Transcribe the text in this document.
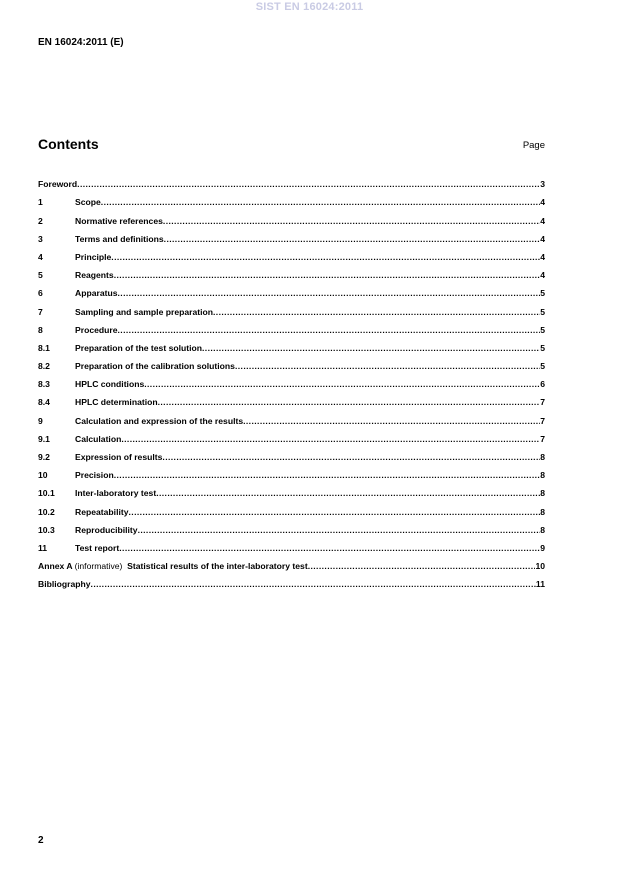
SIST EN 16024:2011
EN 16024:2011 (E)
Contents	Page
Foreword .....	3
1	Scope .....	4
2	Normative references .....	4
3	Terms and definitions .....	4
4	Principle .....	4
5	Reagents .....	4
6	Apparatus .....	5
7	Sampling and sample preparation .....	5
8	Procedure .....	5
8.1	Preparation of the test solution .....	5
8.2	Preparation of the calibration solutions .....	5
8.3	HPLC conditions .....	6
8.4	HPLC determination .....	7
9	Calculation and expression of the results .....	7
9.1	Calculation .....	7
9.2	Expression of results .....	8
10	Precision .....	8
10.1	Inter-laboratory test .....	8
10.2	Repeatability .....	8
10.3	Reproducibility .....	8
11	Test report .....	9
Annex A (informative) Statistical results of the inter-laboratory test .....	10
Bibliography .....	11
2
